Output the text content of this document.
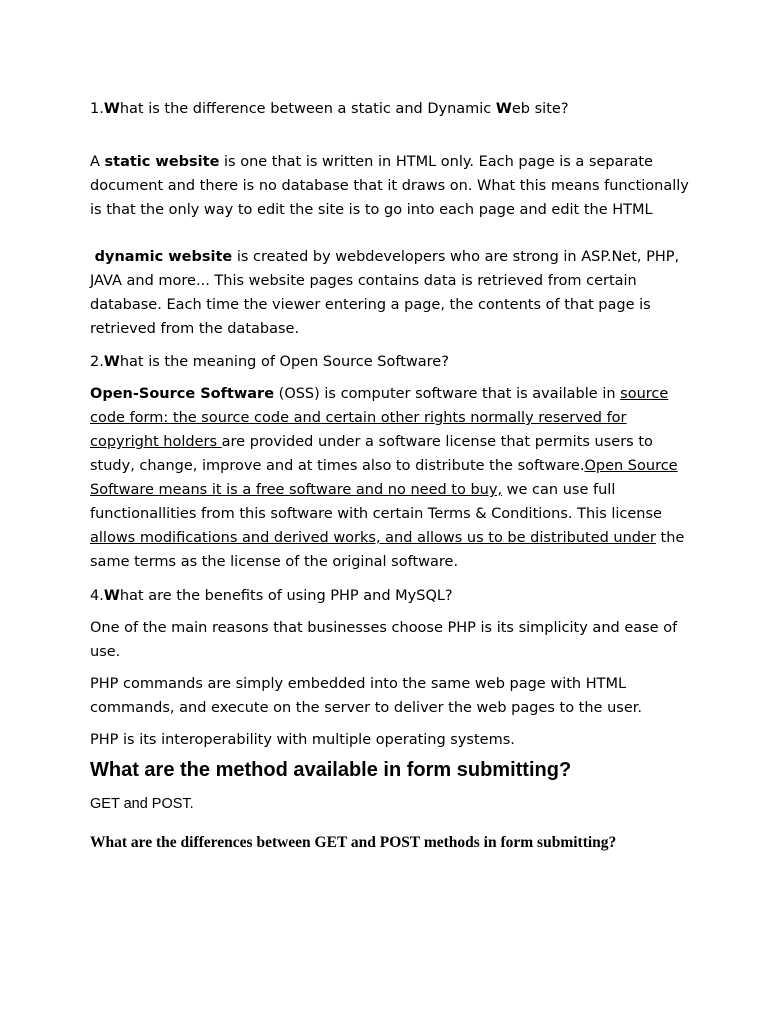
1.What is the difference between a static and Dynamic Web site?
A static website is one that is written in HTML only. Each page is a separate document and there is no database that it draws on. What this means functionally is that the only way to edit the site is to go into each page and edit the HTML
dynamic website is created by webdevelopers who are strong in ASP.Net, PHP, JAVA and more... This website pages contains data is retrieved from certain database. Each time the viewer entering a page, the contents of that page is retrieved from the database.
2.What is the meaning of Open Source Software?
Open-Source Software (OSS) is computer software that is available in source code form: the source code and certain other rights normally reserved for copyright holders are provided under a software license that permits users to study, change, improve and at times also to distribute the software.Open Source Software means it is a free software and no need to buy, we can use full functionallities from this software with certain Terms & Conditions. This license allows modifications and derived works, and allows us to be distributed under the same terms as the license of the original software.
4.What are the benefits of using PHP and MySQL?
One of the main reasons that businesses choose PHP is its simplicity and ease of use.
PHP commands are simply embedded into the same web page with HTML commands, and execute on the server to deliver the web pages to the user.
PHP is its interoperability with multiple operating systems.
What are the method available in form submitting?
GET and POST.
What are the differences between GET and POST methods in form submitting?
